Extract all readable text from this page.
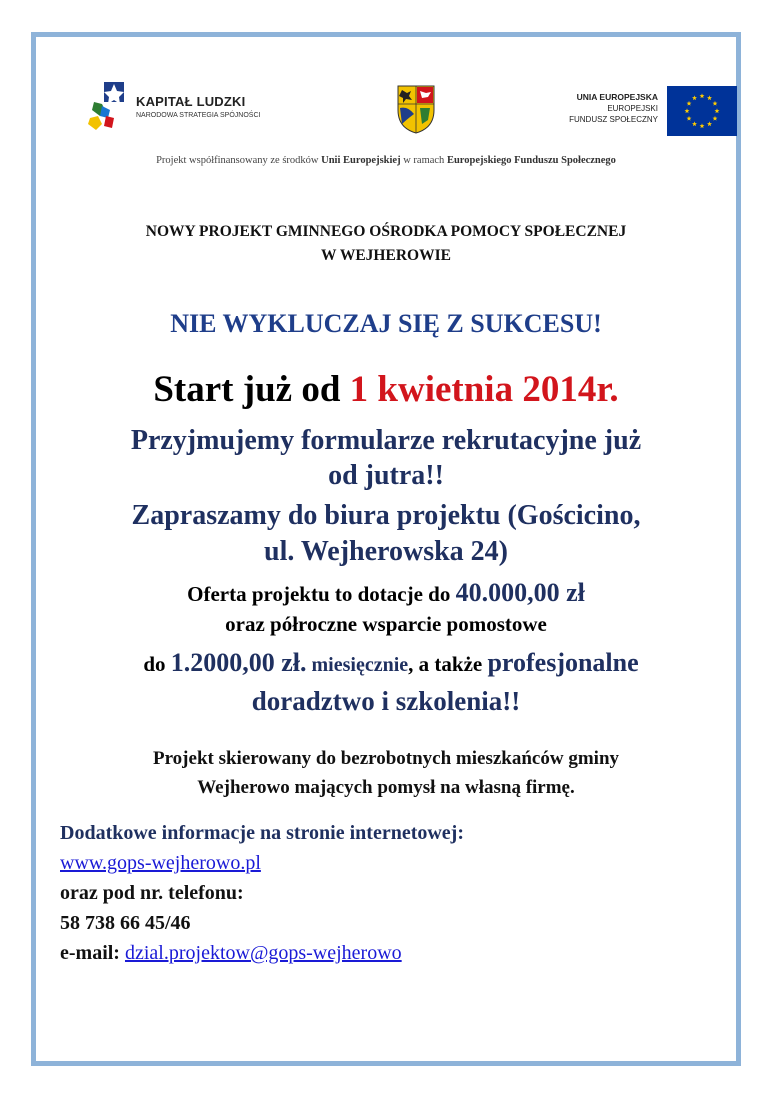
KAPITAŁ LUDZKI
NARODOWA STRATEGIA SPÓJNOŚCI
UNIA EUROPEJSKA
EUROPEJSKI
FUNDUSZ SPOŁECZNY
Projekt współfinansowany ze środków Unii Europejskiej w ramach Europejskiego Funduszu Społecznego
NOWY PROJEKT GMINNEGO OŚRODKA POMOCY SPOŁECZNEJ
W WEJHEROWIE
NIE WYKLUCZAJ SIĘ Z SUKCESU!
Start już od 1 kwietnia 2014r.
Przyjmujemy formularze rekrutacyjne już
od jutra!!
Zapraszamy do biura projektu (Gościcino,
ul. Wejherowska 24)
Oferta projektu to dotacje do 40.000,00 zł
oraz półroczne wsparcie pomostowe
do 1.2000,00 zł. miesięcznie, a także profesjonalne
doradztwo i szkolenia!!
Projekt skierowany do bezrobotnych mieszkańców gminy
Wejherowo mających pomysł na własną firmę.
Dodatkowe informacje na stronie internetowej:
www.gops-wejherowo.pl
oraz pod nr. telefonu:
58 738 66 45/46
e-mail: dzial.projektow@gops-wejherowo
